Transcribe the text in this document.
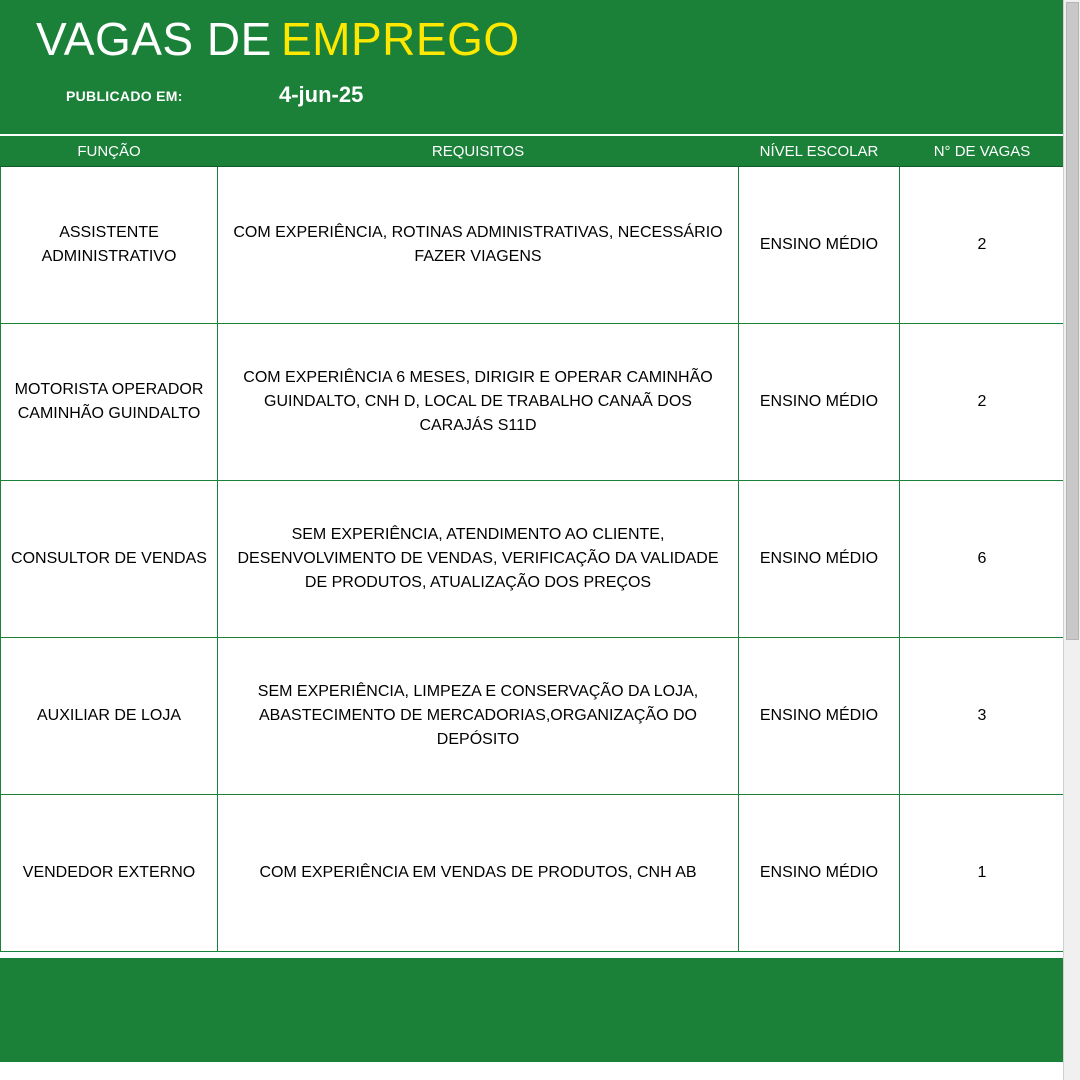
VAGAS DE EMPREGO
PUBLICADO EM:	4-jun-25
FUNÇÃO	REQUISITOS	NÍVEL ESCOLAR	N° DE VAGAS
ASSISTENTE ADMINISTRATIVO	COM EXPERIÊNCIA, ROTINAS ADMINISTRATIVAS, NECESSÁRIO FAZER VIAGENS	ENSINO MÉDIO	2
MOTORISTA OPERADOR CAMINHÃO GUINDALTO	COM EXPERIÊNCIA 6 MESES, DIRIGIR E OPERAR CAMINHÃO GUINDALTO, CNH D, LOCAL DE TRABALHO CANAÃ DOS CARAJÁS S11D	ENSINO MÉDIO	2
CONSULTOR DE VENDAS	SEM EXPERIÊNCIA, ATENDIMENTO AO CLIENTE, DESENVOLVIMENTO DE VENDAS, VERIFICAÇÃO DA VALIDADE DE PRODUTOS, ATUALIZAÇÃO DOS PREÇOS	ENSINO MÉDIO	6
AUXILIAR DE LOJA	SEM EXPERIÊNCIA, LIMPEZA E CONSERVAÇÃO DA LOJA, ABASTECIMENTO DE MERCADORIAS,ORGANIZAÇÃO DO DEPÓSITO	ENSINO MÉDIO	3
VENDEDOR EXTERNO	COM EXPERIÊNCIA EM VENDAS DE PRODUTOS, CNH AB	ENSINO MÉDIO	1
